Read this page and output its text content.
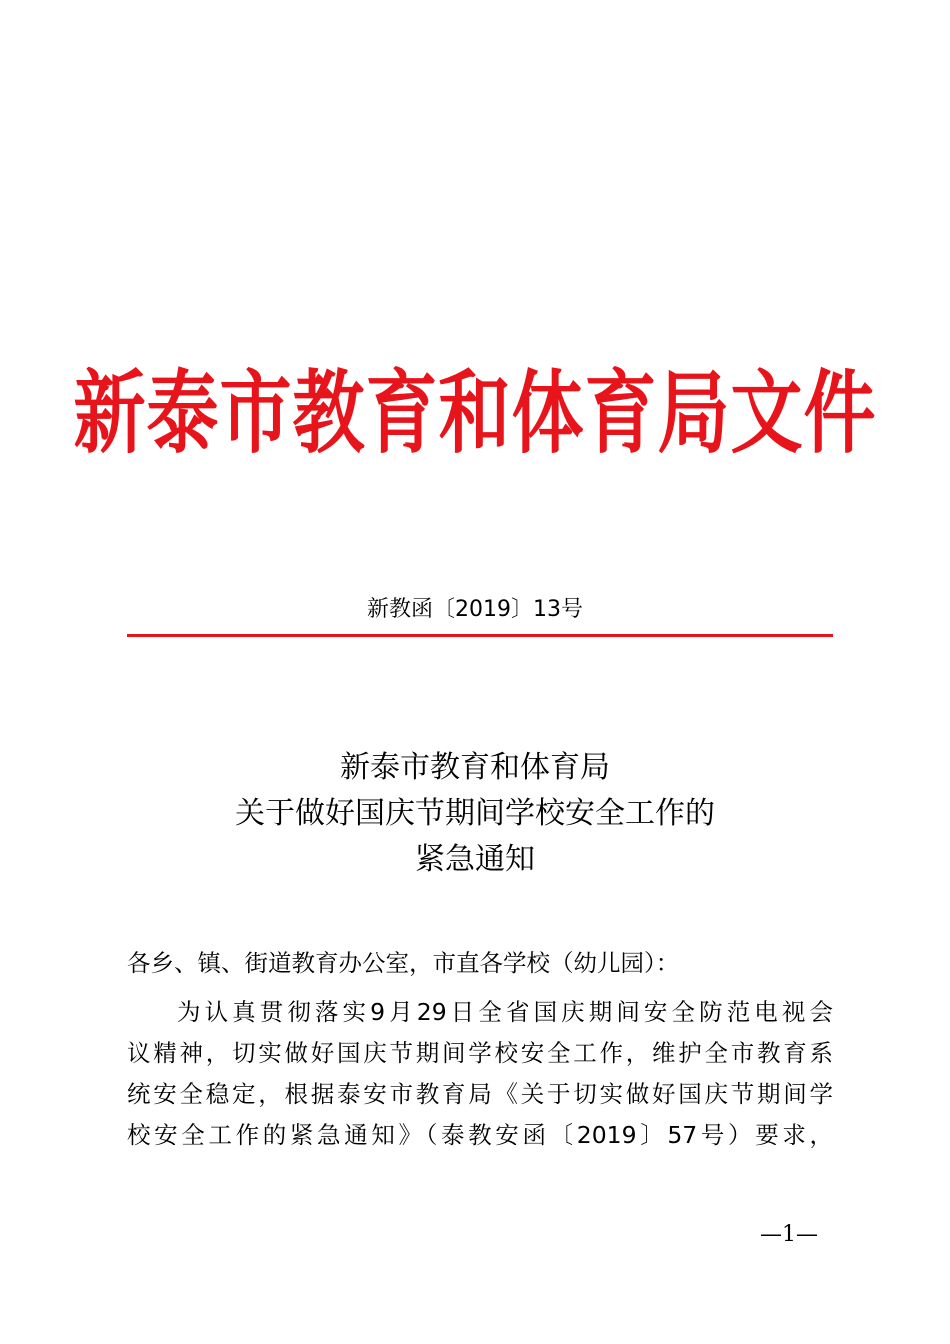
新泰市教育和体育局文件
新教函〔2019〕13号
新泰市教育和体育局
关于做好国庆节期间学校安全工作的
紧急通知
各乡、镇、街道教育办公室，市直各学校（幼儿园）：
为认真贯彻落实9月29日全省国庆期间安全防范电视会
议精神，切实做好国庆节期间学校安全工作，维护全市教育系
统安全稳定，根据泰安市教育局《关于切实做好国庆节期间学
校安全工作的紧急通知》（泰教安函〔2019〕57号）要求，
—1—
